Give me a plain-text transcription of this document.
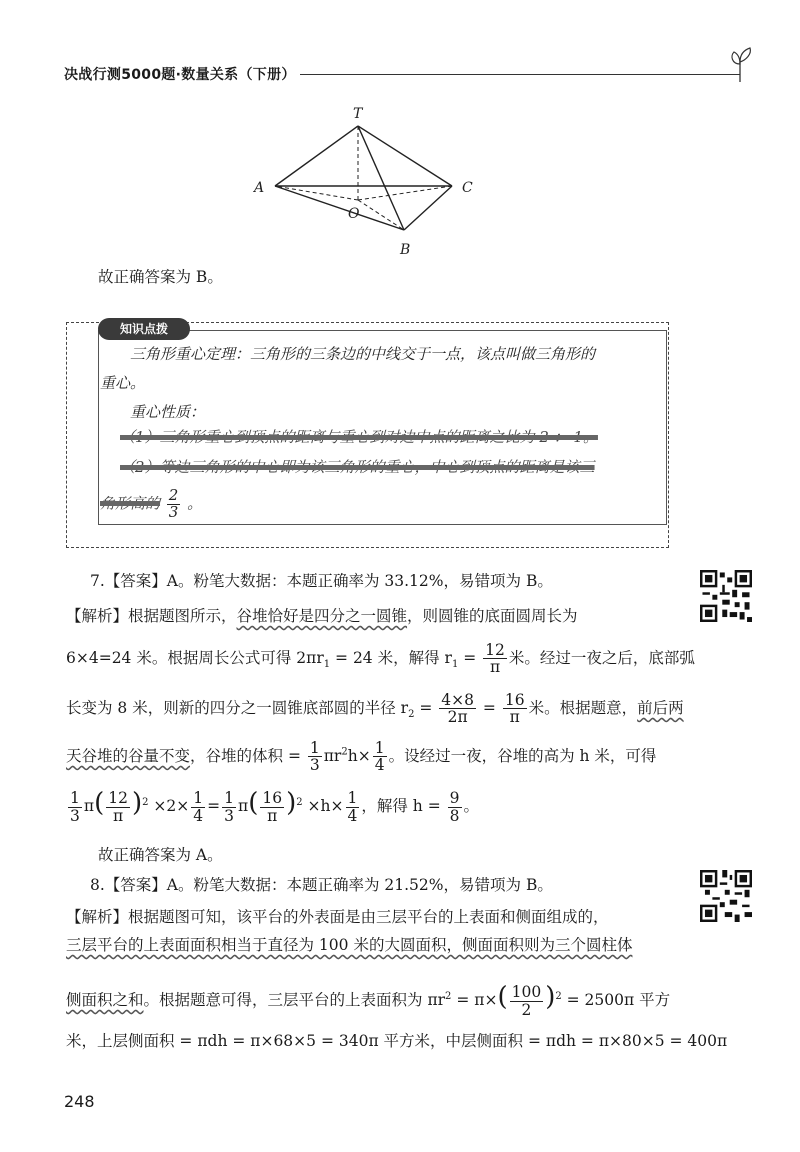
决战行测5000题·数量关系（下册）
T
A	C
O
B
故正确答案为 B。
知识点拨
三角形重心定理：三角形的三条边的中线交于一点，该点叫做三角形的
重心。
重心性质：
（1）三角形重心到顶点的距离与重心到对边中点的距离之比为 2 ： 1。
（2）等边三角形的中心即为该三角形的重心，中心到顶点的距离是该三
角形高的 $\frac{2}{3}$ 。
7.【答案】A。粉笔大数据：本题正确率为 33.12%，易错项为 B。
【解析】根据题图所示，谷堆恰好是四分之一圆锥，则圆锥的底面圆周长为
6×4=24 米。根据周长公式可得 $2\pi r_1 = 24$ 米，解得 $r_1 = \frac{12}{\pi}$ 米。经过一夜之后，底部弧
长变为 8 米，则新的四分之一圆锥底部圆的半径 $r_2 = \frac{4\times 8}{2\pi} = \frac{16}{\pi}$ 米。根据题意，前后两
天谷堆的谷量不变，谷堆的体积 = $\frac{1}{3} \pi r^2h\times \frac{1}{4}$ 。设经过一夜，谷堆的高为 h 米，可得
$\frac{1}{3} \pi( \frac{12}{\pi} )^2 \times 2\times \frac{1}{4} = \frac{1}{3} \pi( \frac{16}{\pi} )^2 \times h\times \frac{1}{4}$ ，解得 $h = \frac{9}{8}$ 。
故正确答案为 A。
8.【答案】A。粉笔大数据：本题正确率为 21.52%，易错项为 B。
【解析】根据题图可知，该平台的外表面是由三层平台的上表面和侧面组成的，
三层平台的上表面面积相当于直径为 100 米的大圆面积，侧面面积则为三个圆柱体
侧面积之和。根据题意可得，三层平台的上表面积为 $\pi r^2 = \pi\times( \frac{100}{2} )^2 = 2500\pi$ 平方
米，上层侧面积 = πdh = π×68×5 = 340π 平方米，中层侧面积 = πdh = π×80×5 = 400π
248
